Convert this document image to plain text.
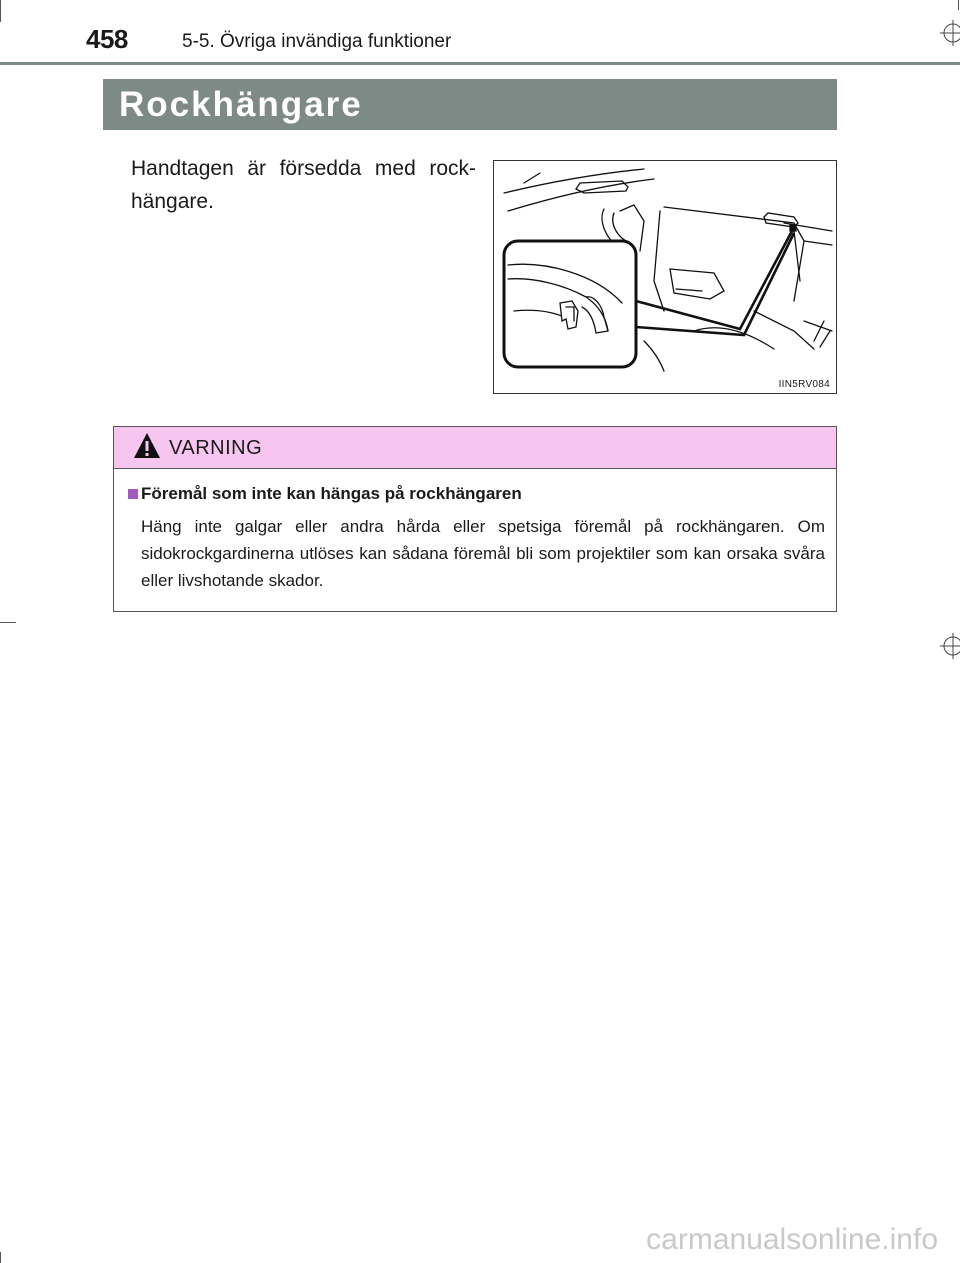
458	5-5. Övriga invändiga funktioner
Rockhängare
Handtagen är försedda med rock-hängare.
IIN5RV084
VARNING
Föremål som inte kan hängas på rockhängaren
Häng inte galgar eller andra hårda eller spetsiga föremål på rockhängaren. Om sidokrockgardinerna utlöses kan sådana föremål bli som projektiler som kan orsaka svåra eller livshotande skador.
carmanualsonline.info
